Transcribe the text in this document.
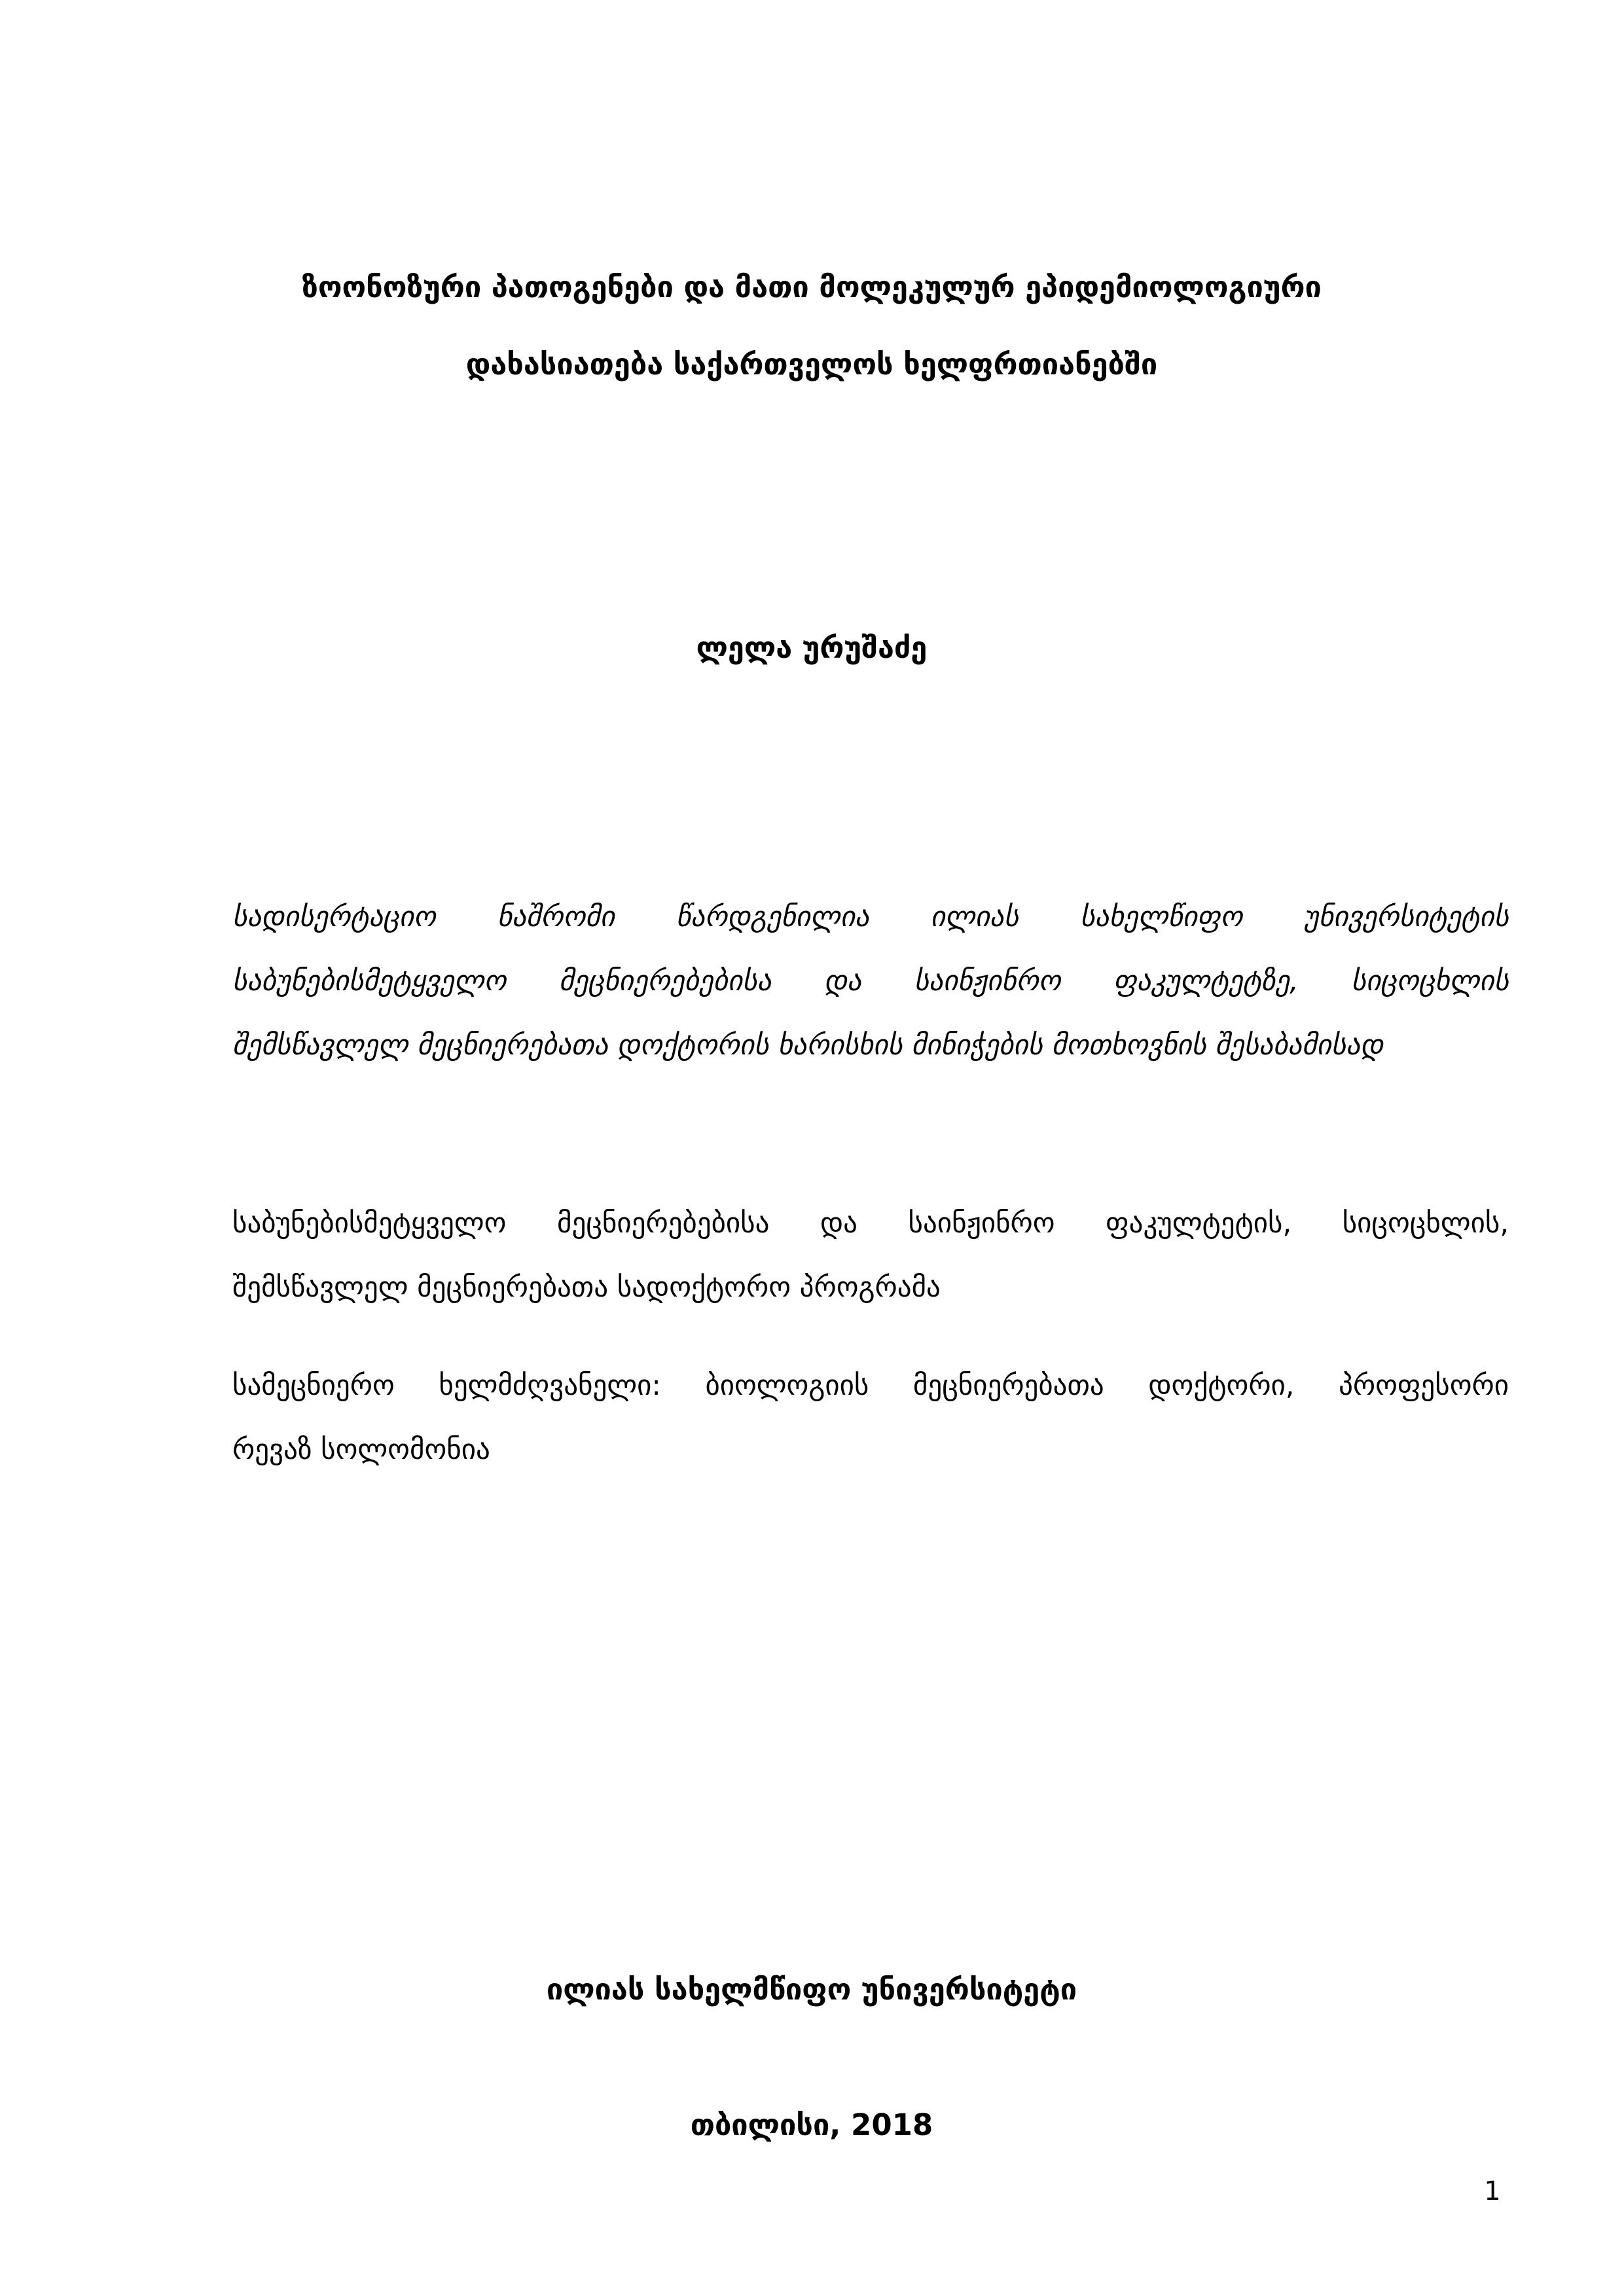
ზოონოზური პათოგენები და მათი მოლეკულურ ეპიდემიოლოგიური
დახასიათება საქართველოს ხელფრთიანებში
ლელა ურუშაძე
სადისერტაციო ნაშრომი წარდგენილია ილიას სახელწიფო უნივერსიტეტის
საბუნებისმეტყველო მეცნიერებებისა და საინჟინრო ფაკულტეტზე, სიცოცხლის
შემსწავლელ მეცნიერებათა დოქტორის ხარისხის მინიჭების მოთხოვნის შესაბამისად
საბუნებისმეტყველო მეცნიერებებისა და საინჟინრო ფაკულტეტის, სიცოცხლის,
შემსწავლელ მეცნიერებათა სადოქტორო პროგრამა
სამეცნიერო ხელმძღვანელი: ბიოლოგიის მეცნიერებათა დოქტორი, პროფესორი
რევაზ სოლომონია
ილიას სახელმწიფო უნივერსიტეტი
თბილისი, 2018
1
